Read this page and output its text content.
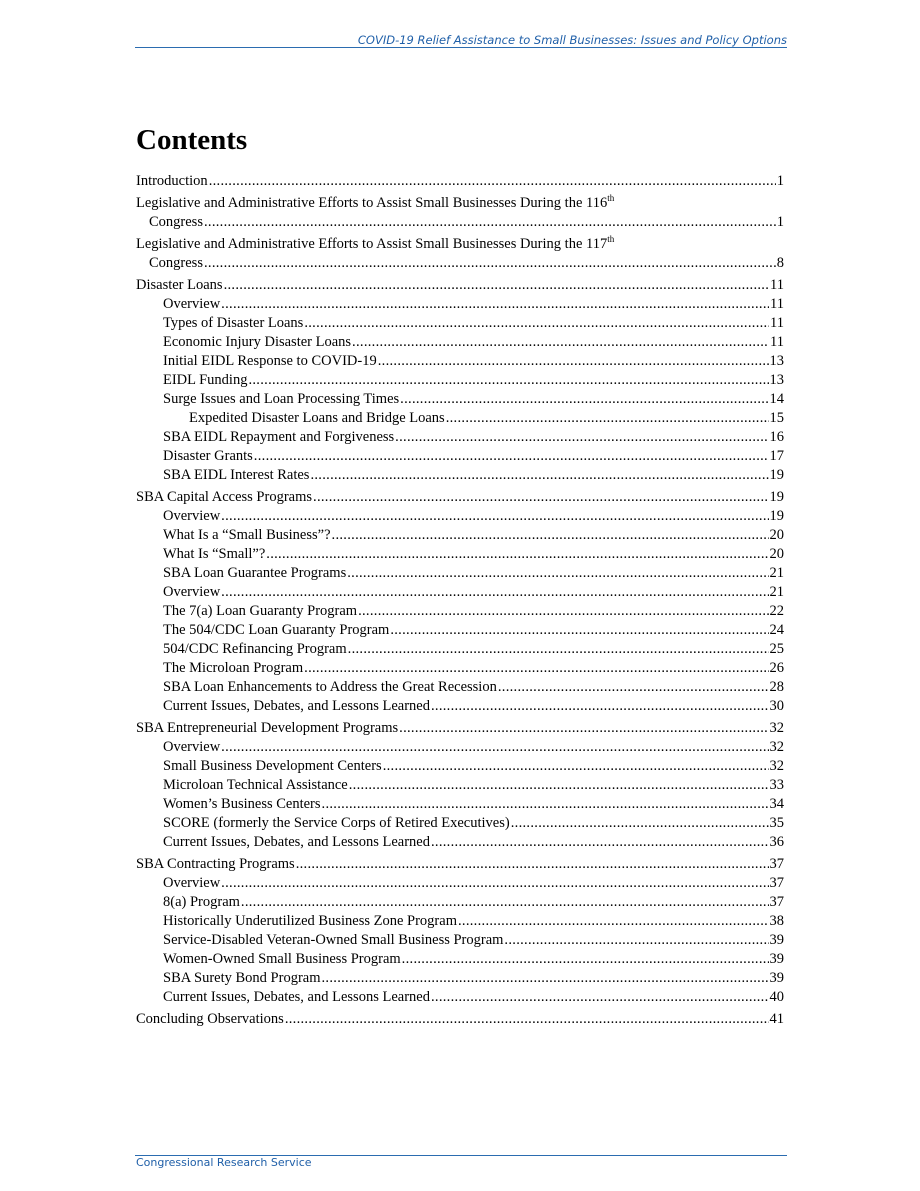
COVID-19 Relief Assistance to Small Businesses: Issues and Policy Options
Contents
Introduction .....	1
Legislative and Administrative Efforts to Assist Small Businesses During the 116th
Congress .....	1
Legislative and Administrative Efforts to Assist Small Businesses During the 117th
Congress .....	8
Disaster Loans .....	11
Overview .....	11
Types of Disaster Loans .....	11
Economic Injury Disaster Loans .....	11
Initial EIDL Response to COVID-19 .....	13
EIDL Funding .....	13
Surge Issues and Loan Processing Times .....	14
Expedited Disaster Loans and Bridge Loans .....	15
SBA EIDL Repayment and Forgiveness .....	16
Disaster Grants .....	17
SBA EIDL Interest Rates .....	19
SBA Capital Access Programs .....	19
Overview .....	19
What Is a “Small Business”? .....	20
What Is “Small”? .....	20
SBA Loan Guarantee Programs .....	21
Overview .....	21
The 7(a) Loan Guaranty Program .....	22
The 504/CDC Loan Guaranty Program .....	24
504/CDC Refinancing Program .....	25
The Microloan Program .....	26
SBA Loan Enhancements to Address the Great Recession .....	28
Current Issues, Debates, and Lessons Learned .....	30
SBA Entrepreneurial Development Programs .....	32
Overview .....	32
Small Business Development Centers .....	32
Microloan Technical Assistance .....	33
Women’s Business Centers .....	34
SCORE (formerly the Service Corps of Retired Executives) .....	35
Current Issues, Debates, and Lessons Learned .....	36
SBA Contracting Programs .....	37
Overview .....	37
8(a) Program .....	37
Historically Underutilized Business Zone Program .....	38
Service-Disabled Veteran-Owned Small Business Program .....	39
Women-Owned Small Business Program .....	39
SBA Surety Bond Program .....	39
Current Issues, Debates, and Lessons Learned .....	40
Concluding Observations .....	41
Congressional Research Service
